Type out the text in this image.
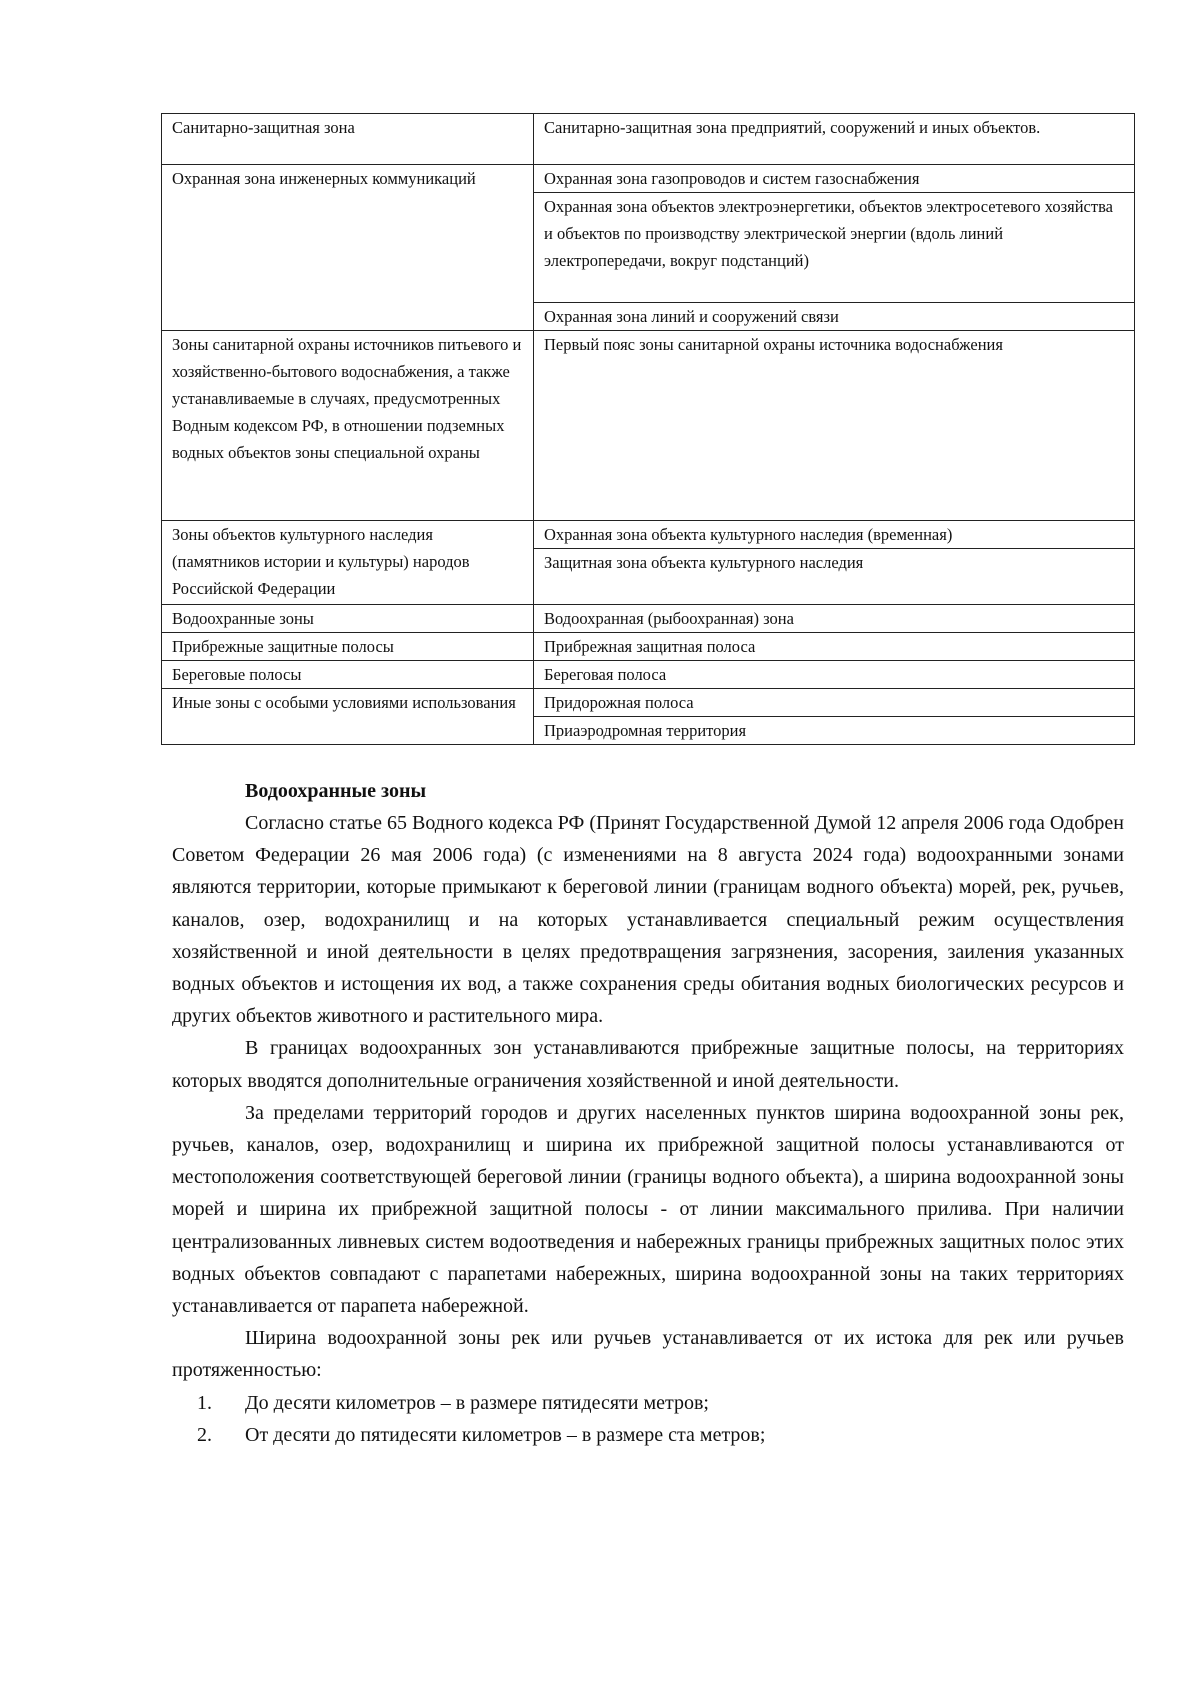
Санитарно-защитная зона	Санитарно-защитная зона предприятий, сооружений и иных объектов.

Охранная зона инженерных коммуникаций	Охранная зона газопроводов и систем газоснабжения

	Охранная зона объектов электроэнергетики, объектов электросетевого хозяйства и объектов по производству электрической энергии (вдоль линий электропередачи, вокруг подстанций)

	Охранная зона линий и сооружений связи

Зоны санитарной охраны источников питьевого и хозяйственно-бытового водоснабжения, а также устанавливаемые в случаях, предусмотренных Водным кодексом РФ, в отношении подземных водных объектов зоны специальной охраны	Первый пояс зоны санитарной охраны источника водоснабжения

Зоны объектов культурного наследия (памятников истории и культуры) народов Российской Федерации	Охранная зона объекта культурного наследия (временная)

	Защитная зона объекта культурного наследия

Водоохранные зоны	Водоохранная (рыбоохранная) зона

Прибрежные защитные полосы	Прибрежная защитная полоса

Береговые полосы	Береговая полоса

Иные зоны с особыми условиями использования	Придорожная полоса

	Приаэродромная территория
Водоохранные зоны

Согласно статье 65 Водного кодекса РФ (Принят Государственной Думой 12 апреля 2006 года Одобрен Советом Федерации 26 мая 2006 года) (с изменениями на 8 августа 2024 года) водоохранными зонами являются территории, которые примыкают к береговой линии (границам водного объекта) морей, рек, ручьев, каналов, озер, водохранилищ и на которых устанавливается специальный режим осуществления хозяйственной и иной деятельности в целях предотвращения загрязнения, засорения, заиления указанных водных объектов и истощения их вод, а также сохранения среды обитания водных биологических ресурсов и других объектов животного и растительного мира.

В границах водоохранных зон устанавливаются прибрежные защитные полосы, на территориях которых вводятся дополнительные ограничения хозяйственной и иной деятельности.

За пределами территорий городов и других населенных пунктов ширина водоохранной зоны рек, ручьев, каналов, озер, водохранилищ и ширина их прибрежной защитной полосы устанавливаются от местоположения соответствующей береговой линии (границы водного объекта), а ширина водоохранной зоны морей и ширина их прибрежной защитной полосы - от линии максимального прилива. При наличии централизованных ливневых систем водоотведения и набережных границы прибрежных защитных полос этих водных объектов совпадают с парапетами набережных, ширина водоохранной зоны на таких территориях устанавливается от парапета набережной.

Ширина водоохранной зоны рек или ручьев устанавливается от их истока для рек или ручьев протяженностью:

1.	До десяти километров – в размере пятидесяти метров;
2.	От десяти до пятидесяти километров – в размере ста метров;
